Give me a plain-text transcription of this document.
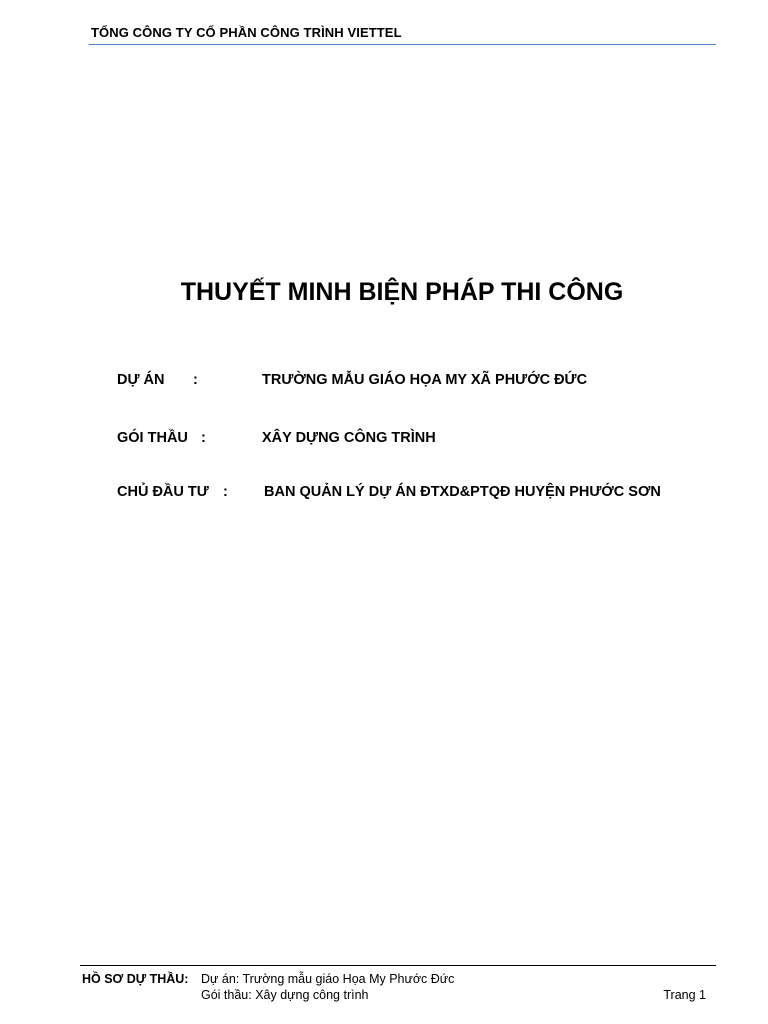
TỔNG CÔNG TY CỔ PHẦN CÔNG TRÌNH VIETTEL
THUYẾT MINH BIỆN PHÁP THI CÔNG
DỰ ÁN :	TRƯỜNG MẪU GIÁO HỌA MY XÃ PHƯỚC ĐỨC
GÓI THẦU :	XÂY DỰNG CÔNG TRÌNH
CHỦ ĐẦU TƯ : BAN QUẢN LÝ DỰ ÁN ĐTXD&PTQĐ HUYỆN PHƯỚC SƠN
HỒ SƠ DỰ THẦU: Dự án: Trường mẫu giáo Họa My Phước Đức
Gói thầu: Xây dựng công trình	Trang 1
